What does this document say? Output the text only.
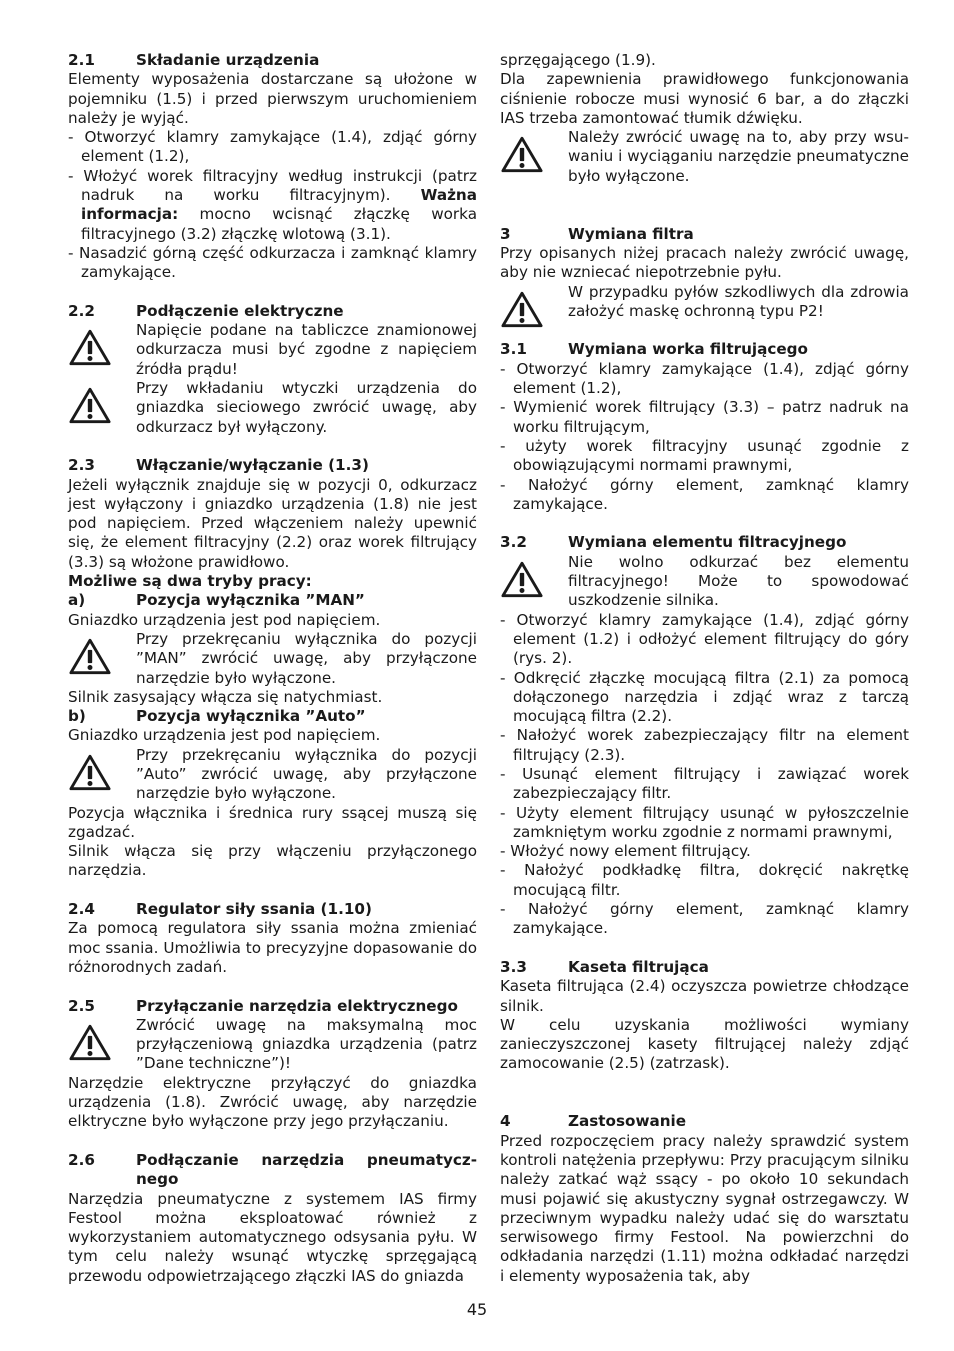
2.1	Składanie urządzenia

Elementy wyposażenia dostarczane są ułożone w pojemniku (1.5) i przed pierwszym uruchomieniem należy je wyjąć.

- Otworzyć klamry zamykające (1.4), zdjąć górny element (1.2),

- Włożyć worek filtracyjny według instrukcji (patrz nadruk na worku filtracyjnym). Ważna informacja: mocno wcisnąć złączkę worka filtracyjnego (3.2) złączkę wlotową (3.1).

- Nasadzić górną część odkurzacza i zamknąć klamry zamykające.

2.2	Podłączenie elektryczne

Napięcie podane na tabliczce znamionowej odkurzacza musi być zgodne z napięciem źródła prądu!

Przy wkładaniu wtyczki urządzenia do gniazdka sieciowego zwrócić uwagę, aby odkurzacz był wyłączony.

2.3	Włączanie/wyłączanie (1.3)

Jeżeli wyłącznik znajduje się w pozycji 0, odkurzacz jest wyłączony i gniazdko urządzenia (1.8) nie jest pod napięciem. Przed włączeniem należy upewnić się, że element filtracyjny (2.2) oraz worek filtrujący (3.3) są włożone prawidłowo.

Możliwe są dwa tryby pracy:

a)	Pozycja wyłącznika ”MAN”

Gniazdko urządzenia jest pod napięciem.

Przy przekręcaniu wyłącznika do pozycji ”MAN” zwrócić uwagę, aby przyłączone narzędzie było wyłączone.

Silnik zasysający włącza się natychmiast.

b)	Pozycja wyłącznika ”Auto”

Gniazdko urządzenia jest pod napięciem.

Przy przekręcaniu wyłącznika do pozycji ”Auto” zwrócić uwagę, aby przyłączone narzędzie było wyłączone.

Pozycja włącznika i średnica rury ssącej muszą się zgadzać.

Silnik włącza się przy włączeniu przyłączonego narzędzia.

2.4	Regulator siły ssania (1.10)

Za pomocą regulatora siły ssania można zmieniać moc ssania. Umożliwia to precyzyjne dopasowanie do różnorodnych zadań.

2.5	Przyłączanie narzędzia elektrycznego

Zwrócić uwagę na maksymalną moc przyłączeniową gniazdka urządzenia (patrz ”Dane techniczne”)!

Narzędzie elektryczne przyłączyć do gniazdka urządzenia (1.8). Zwrócić uwagę, aby narzędzie elktryczne było wyłączone przy jego przyłączaniu.

2.6	Podłączanie narzędzia pneumatycz-nego

Narzędzia pneumatyczne z systemem IAS firmy Festool można eksploatować również z wykorzystaniem automatycznego odsysania pyłu. W tym celu należy wsunąć wtyczkę sprzęgającą przewodu odpowietrzającego złączki IAS do gniazda

sprzęgającego (1.9).

Dla zapewnienia prawidłowego funkcjonowania ciśnienie robocze musi wynosić 6 bar, a do złączki IAS trzeba zamontować tłumik dźwięku.

Należy zwrócić uwagę na to, aby przy wsu-waniu i wyciąganiu narzędzie pneumatyczne było wyłączone.

3	Wymiana filtra

Przy opisanych niżej pracach należy zwrócić uwagę, aby nie wzniecać niepotrzebnie pyłu.

W przypadku pyłów szkodliwych dla zdrowia założyć maskę ochronną typu P2!

3.1	Wymiana worka filtrującego

- Otworzyć klamry zamykające (1.4), zdjąć górny element (1.2),

- Wymienić worek filtrujący (3.3) – patrz nadruk na worku filtrującym,

- użyty worek filtracyjny usunąć zgodnie z obowiązującymi normami prawnymi,

- Nałożyć górny element, zamknąć klamry zamykające.

3.2	Wymiana elementu filtracyjnego

Nie wolno odkurzać bez elementu filtracyjnego! Może to spowodować uszkodzenie silnika.

- Otworzyć klamry zamykające (1.4), zdjąć górny element (1.2) i odłożyć element filtrujący do góry (rys. 2).

- Odkręcić złączkę mocującą filtra (2.1) za pomocą dołączonego narzędzia i zdjąć wraz z tarczą mocującą filtra (2.2).

- Nałożyć worek zabezpieczający filtr na element filtrujący (2.3).

- Usunąć element filtrujący i zawiązać worek zabezpieczający filtr.

- Użyty element filtrujący usunąć w pyłoszczelnie zamkniętym worku zgodnie z normami prawnymi,

- Włożyć nowy element filtrujący.

- Nałożyć podkładkę filtra, dokręcić nakrętkę mocującą filtr.

- Nałożyć górny element, zamknąć klamry zamykające.

3.3	Kaseta filtrująca

Kaseta filtrująca (2.4) oczyszcza powietrze chłodzące silnik.

W celu uzyskania możliwości wymiany zanieczyszczonej kasety filtrującej należy zdjąć zamocowanie (2.5) (zatrzask).

4	Zastosowanie

Przed rozpoczęciem pracy należy sprawdzić system kontroli natężenia przepływu: Przy pracującym silniku należy zatkać wąż ssący - po około 10 sekundach musi pojawić się akustyczny sygnał ostrzegawczy. W przeciwnym wypadku należy udać się do warsztatu serwisowego firmy Festool. Na powierzchni do odkładania narzędzi (1.11) można odkładać narzędzi i elementy wyposażenia tak, aby

45
